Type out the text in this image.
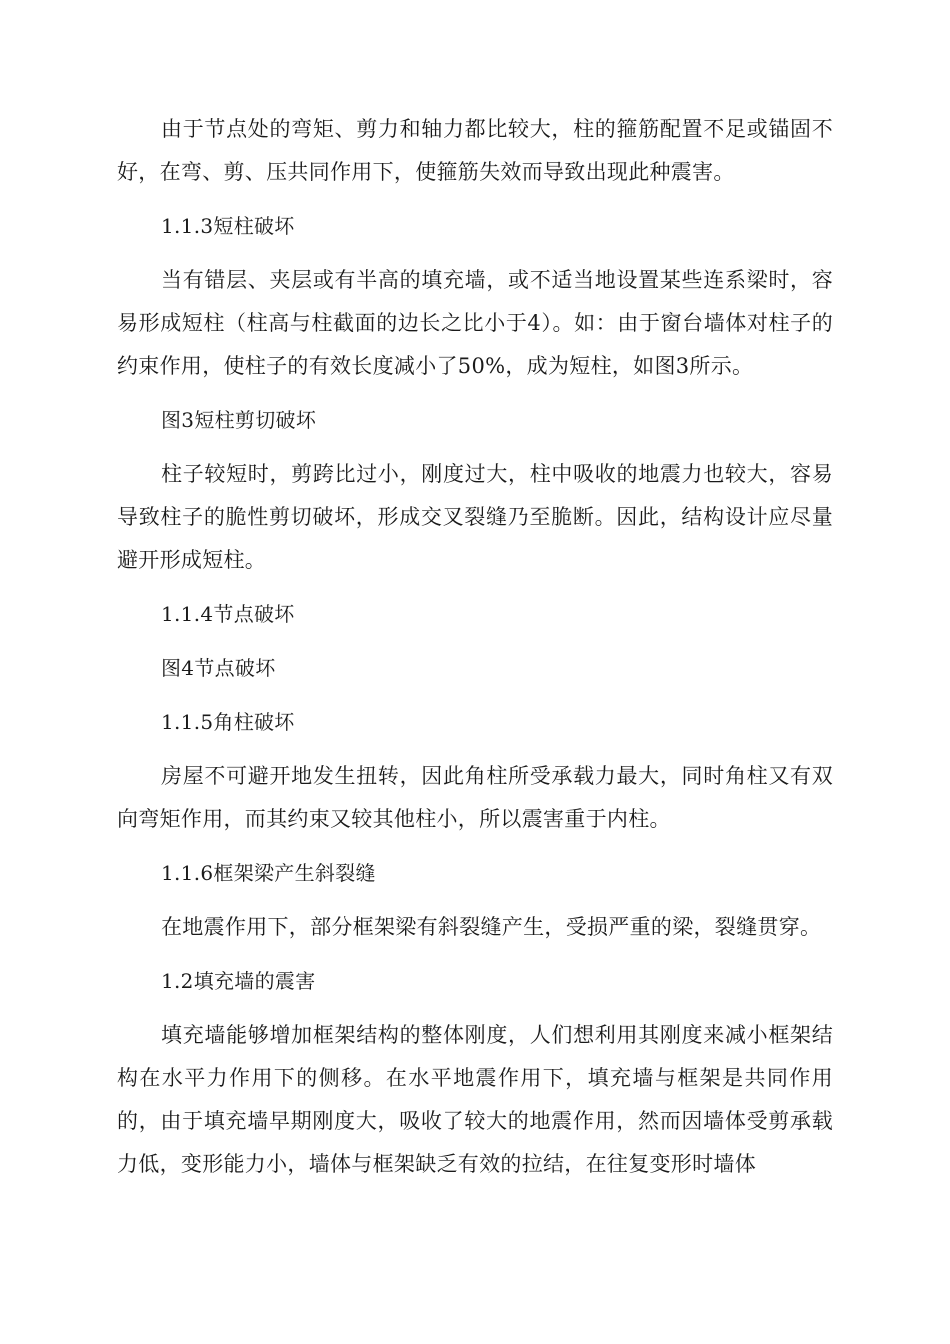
由于节点处的弯矩、剪力和轴力都比较大，柱的箍筋配置不足或锚固不好，在弯、剪、压共同作用下，使箍筋失效而导致出现此种震害。

1.1.3短柱破坏

当有错层、夹层或有半高的填充墙，或不适当地设置某些连系梁时，容易形成短柱（柱高与柱截面的边长之比小于4）。如：由于窗台墙体对柱子的约束作用，使柱子的有效长度减小了50%，成为短柱，如图3所示。

图3短柱剪切破坏

柱子较短时，剪跨比过小，刚度过大，柱中吸收的地震力也较大，容易导致柱子的脆性剪切破坏，形成交叉裂缝乃至脆断。因此，结构设计应尽量避开形成短柱。

1.1.4节点破坏

图4节点破坏

1.1.5角柱破坏

房屋不可避开地发生扭转，因此角柱所受承载力最大，同时角柱又有双向弯矩作用，而其约束又较其他柱小，所以震害重于内柱。

1.1.6框架梁产生斜裂缝

在地震作用下，部分框架梁有斜裂缝产生，受损严重的梁，裂缝贯穿。

1.2填充墙的震害

填充墙能够增加框架结构的整体刚度，人们想利用其刚度来减小框架结构在水平力作用下的侧移。在水平地震作用下，填充墙与框架是共同作用的，由于填充墙早期刚度大，吸收了较大的地震作用，然而因墙体受剪承载力低，变形能力小，墙体与框架缺乏有效的拉结，在往复变形时墙体
